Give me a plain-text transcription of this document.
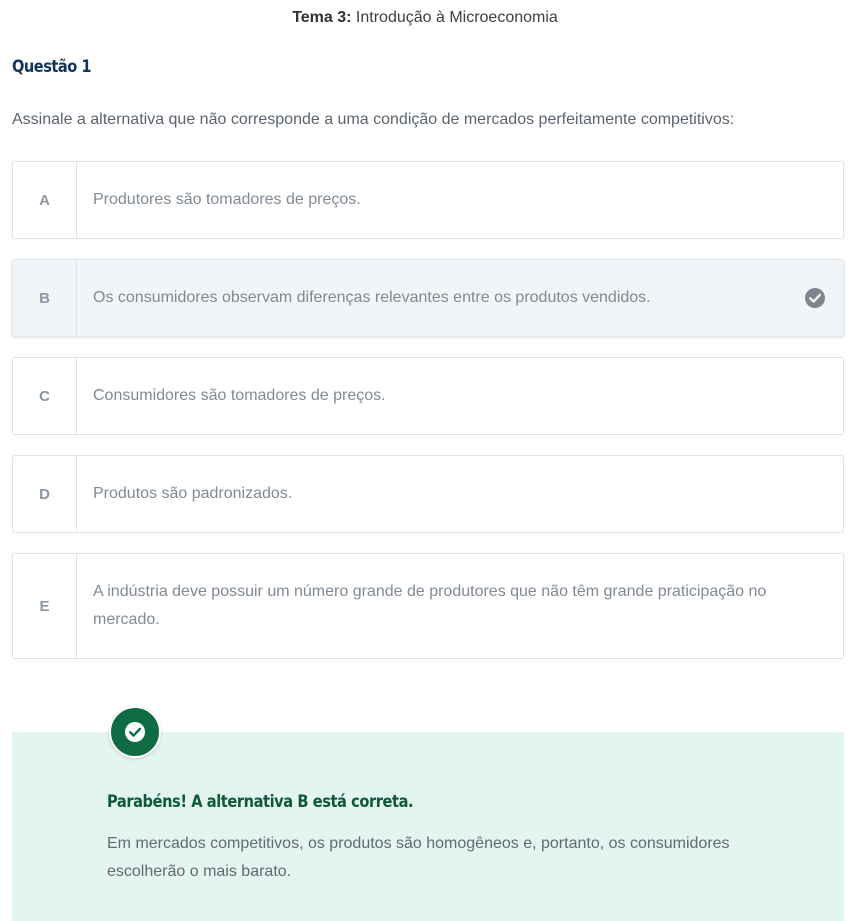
Tema 3: Introdução à Microeconomia
Questão 1
Assinale a alternativa que não corresponde a uma condição de mercados perfeitamente competitivos:
A	Produtores são tomadores de preços.
B	Os consumidores observam diferenças relevantes entre os produtos vendidos.
C	Consumidores são tomadores de preços.
D	Produtos são padronizados.
E
A indústria deve possuir um número grande de produtores que não têm grande praticipação no mercado.
Parabéns! A alternativa B está correta.
Em mercados competitivos, os produtos são homogêneos e, portanto, os consumidores escolherão o mais barato.
